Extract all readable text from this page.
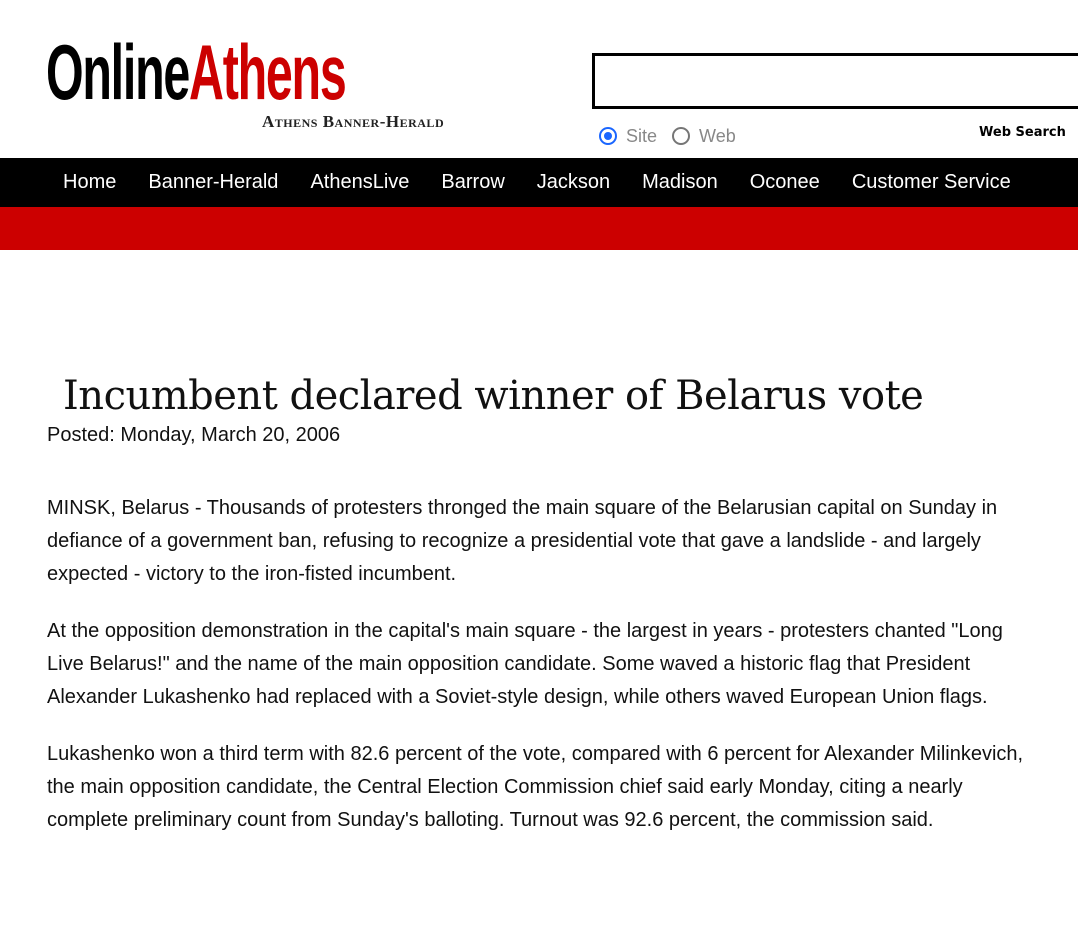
OnlineAthens
Athens Banner-Herald
Site Web	Web Search
Home	Banner-Herald	AthensLive	Barrow	Jackson	Madison	Oconee	Customer Service
Incumbent declared winner of Belarus vote
Posted: Monday, March 20, 2006

MINSK, Belarus - Thousands of protesters thronged the main square of the Belarusian capital on Sunday in defiance of a government ban, refusing to recognize a presidential vote that gave a landslide - and largely expected - victory to the iron-fisted incumbent.

At the opposition demonstration in the capital's main square - the largest in years - protesters chanted "Long Live Belarus!" and the name of the main opposition candidate. Some waved a historic flag that President Alexander Lukashenko had replaced with a Soviet-style design, while others waved European Union flags.

Lukashenko won a third term with 82.6 percent of the vote, compared with 6 percent for Alexander Milinkevich, the main opposition candidate, the Central Election Commission chief said early Monday, citing a nearly complete preliminary count from Sunday's balloting. Turnout was 92.6 percent, the commission said.
